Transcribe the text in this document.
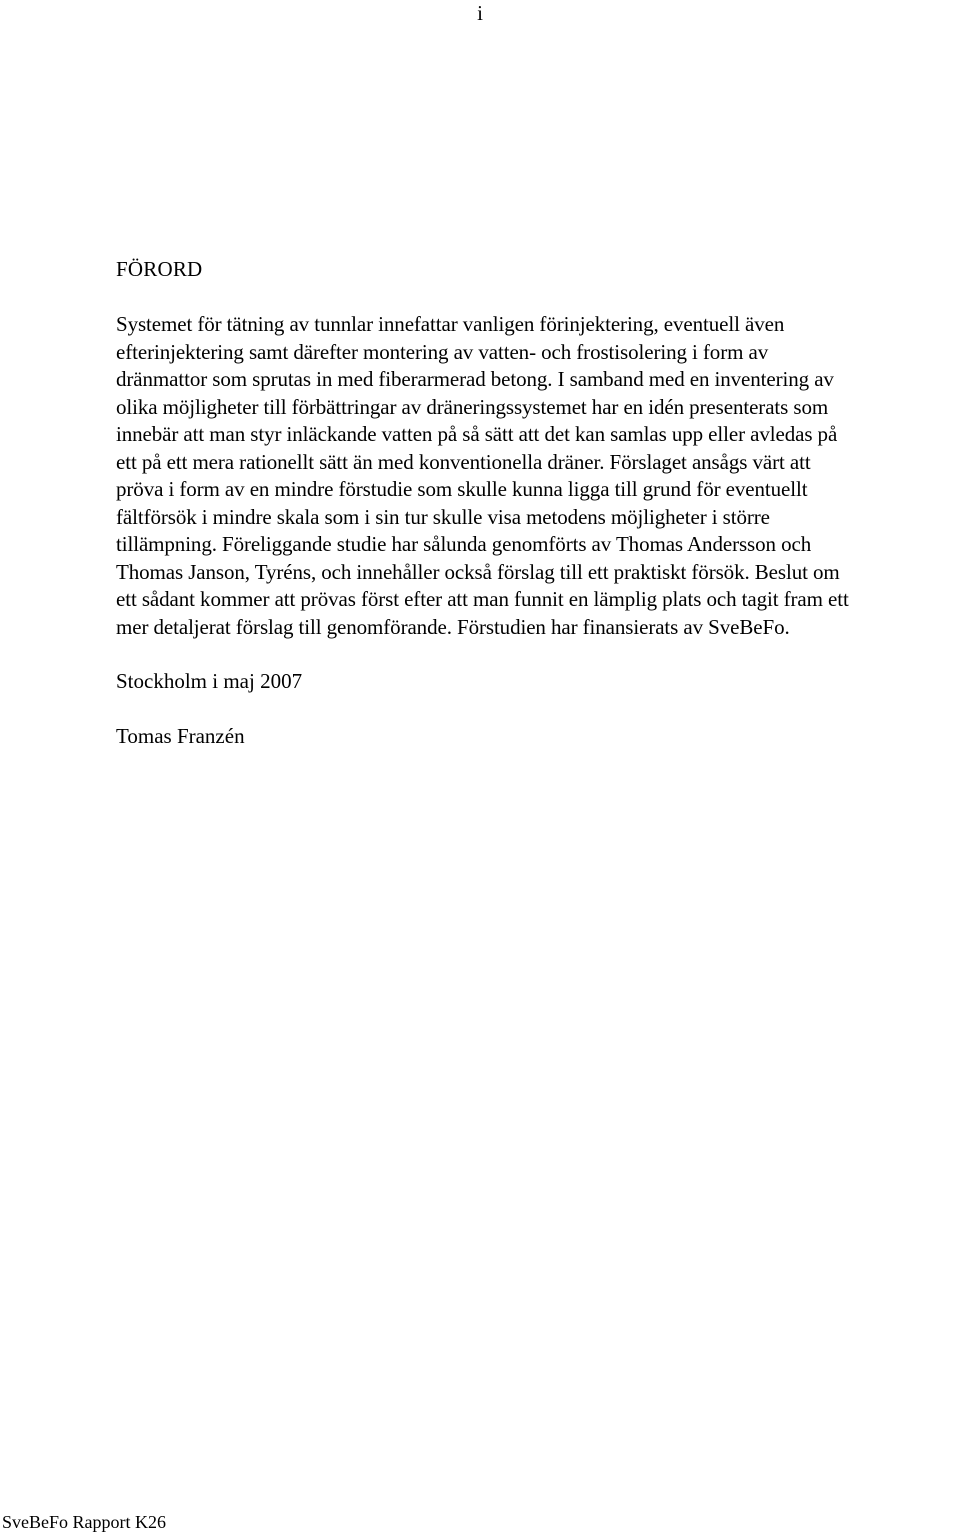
i
FÖRORD
Systemet för tätning av tunnlar innefattar vanligen förinjektering, eventuell även
efterinjektering samt därefter montering av vatten- och frostisolering i form av
dränmattor som sprutas in med fiberarmerad betong. I samband med en inventering av
olika möjligheter till förbättringar av dräneringssystemet har en idén presenterats som
innebär att man styr inläckande vatten på så sätt att det kan samlas upp eller avledas på
ett på ett mera rationellt sätt än med konventionella dräner. Förslaget ansågs värt att
pröva i form av en mindre förstudie som skulle kunna ligga till grund för eventuellt
fältförsök i mindre skala som i sin tur skulle visa metodens möjligheter i större
tillämpning. Föreliggande studie har sålunda genomförts av Thomas Andersson och
Thomas Janson, Tyréns, och innehåller också förslag till ett praktiskt försök. Beslut om
ett sådant kommer att prövas först efter att man funnit en lämplig plats och tagit fram ett
mer detaljerat förslag till genomförande. Förstudien har finansierats av SveBeFo.
Stockholm i maj 2007
Tomas Franzén
SveBeFo Rapport K26
